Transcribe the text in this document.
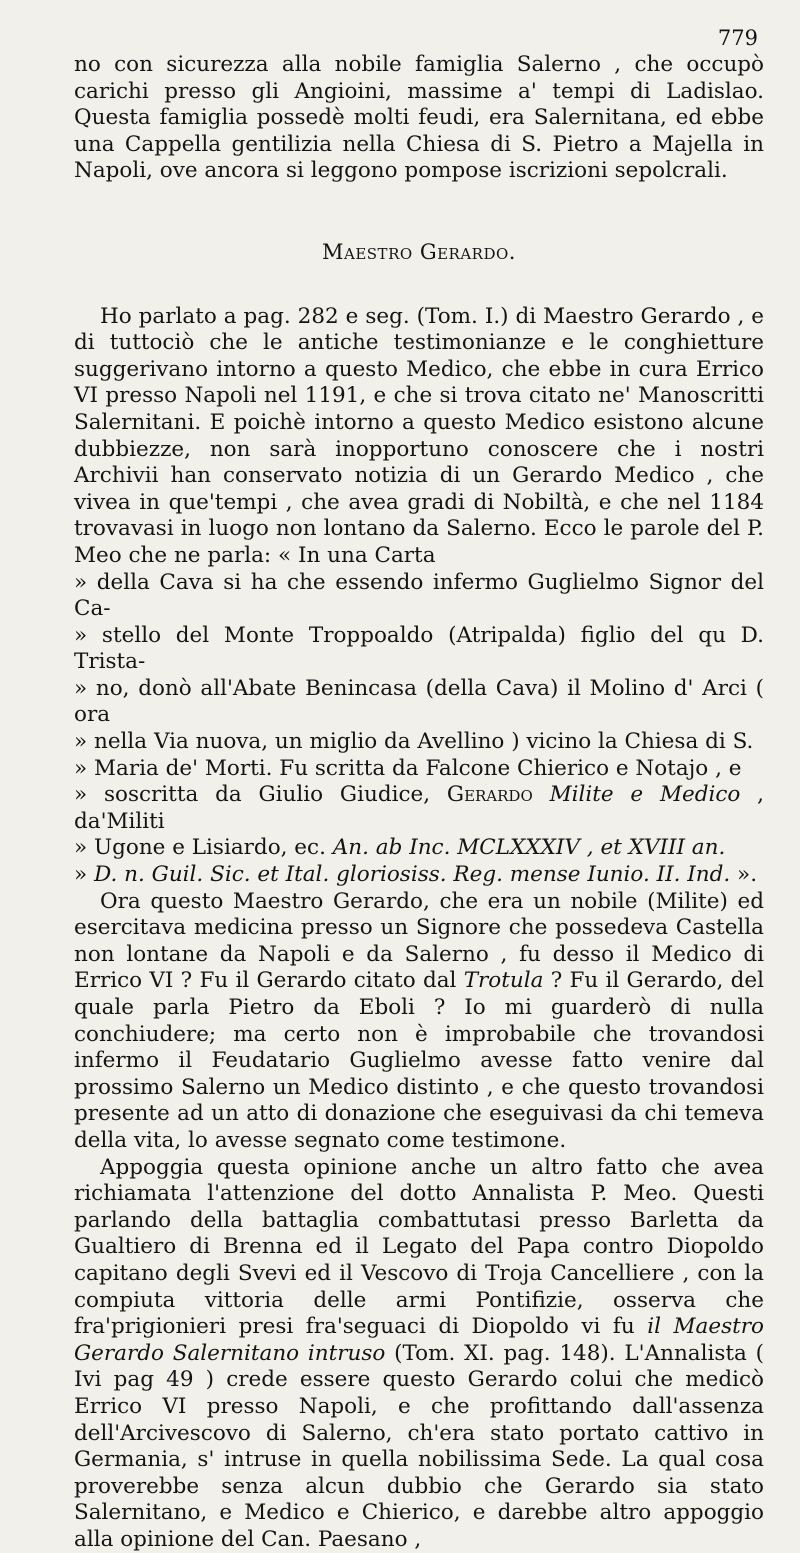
779

no con sicurezza alla nobile famiglia Salerno , che occupò carichi presso gli Angioini, massime a' tempi di Ladislao. Questa famiglia possedè molti feudi, era Salernitana, ed ebbe una Cappella gentilizia nella Chiesa di S. Pietro a Majella in Napoli, ove ancora si leggono pompose iscrizioni sepolcrali.

Maestro Gerardo.

Ho parlato a pag. 282 e seg. (Tom. I.) di Maestro Gerardo , e di tuttociò che le antiche testimonianze e le conghietture suggerivano intorno a questo Medico, che ebbe in cura Errico VI presso Napoli nel 1191, e che si trova citato ne' Manoscritti Salernitani. E poichè intorno a questo Medico esistono alcune dubbiezze, non sarà inopportuno conoscere che i nostri Archivii han conservato notizia di un Gerardo Medico , che vivea in que'tempi , che avea gradi di Nobiltà, e che nel 1184 trovavasi in luogo non lontano da Salerno. Ecco le parole del P. Meo che ne parla: « In una Carta

» della Cava si ha che essendo infermo Guglielmo Signor del Ca-

» stello del Monte Troppoaldo (Atripalda) figlio del qu D. Trista-

» no, donò all'Abate Benincasa (della Cava) il Molino d' Arci ( ora

» nella Via nuova, un miglio da Avellino ) vicino la Chiesa di S.

» Maria de' Morti. Fu scritta da Falcone Chierico e Notajo , e

» soscritta da Giulio Giudice, Gerardo Milite e Medico , da'Militi

» Ugone e Lisiardo, ec. An. ab Inc. MCLXXXIV , et XVIII an.

» D. n. Guil. Sic. et Ital. gloriosiss. Reg. mense Iunio. II. Ind. ».

Ora questo Maestro Gerardo, che era un nobile (Milite) ed esercitava medicina presso un Signore che possedeva Castella non lontane da Napoli e da Salerno , fu desso il Medico di Errico VI ? Fu il Gerardo citato dal Trotula ? Fu il Gerardo, del quale parla Pietro da Eboli ? Io mi guarderò di nulla conchiudere; ma certo non è improbabile che trovandosi infermo il Feudatario Guglielmo avesse fatto venire dal prossimo Salerno un Medico distinto , e che questo trovandosi presente ad un atto di donazione che eseguivasi da chi temeva della vita, lo avesse segnato come testimone.

Appoggia questa opinione anche un altro fatto che avea richiamata l'attenzione del dotto Annalista P. Meo. Questi parlando della battaglia combattutasi presso Barletta da Gualtiero di Brenna ed il Legato del Papa contro Diopoldo capitano degli Svevi ed il Vescovo di Troja Cancelliere , con la compiuta vittoria delle armi Pontifizie, osserva che fra'prigionieri presi fra'seguaci di Diopoldo vi fu il Maestro Gerardo Salernitano intruso (Tom. XI. pag. 148). L'Annalista ( Ivi pag 49 ) crede essere questo Gerardo colui che medicò Errico VI presso Napoli, e che profittando dall'assenza dell'Arcivescovo di Salerno, ch'era stato portato cattivo in Germania, s' intruse in quella nobilissima Sede. La qual cosa proverebbe senza alcun dubbio che Gerardo sia stato Salernitano, e Medico e Chierico, e darebbe altro appoggio alla opinione del Can. Paesano ,
